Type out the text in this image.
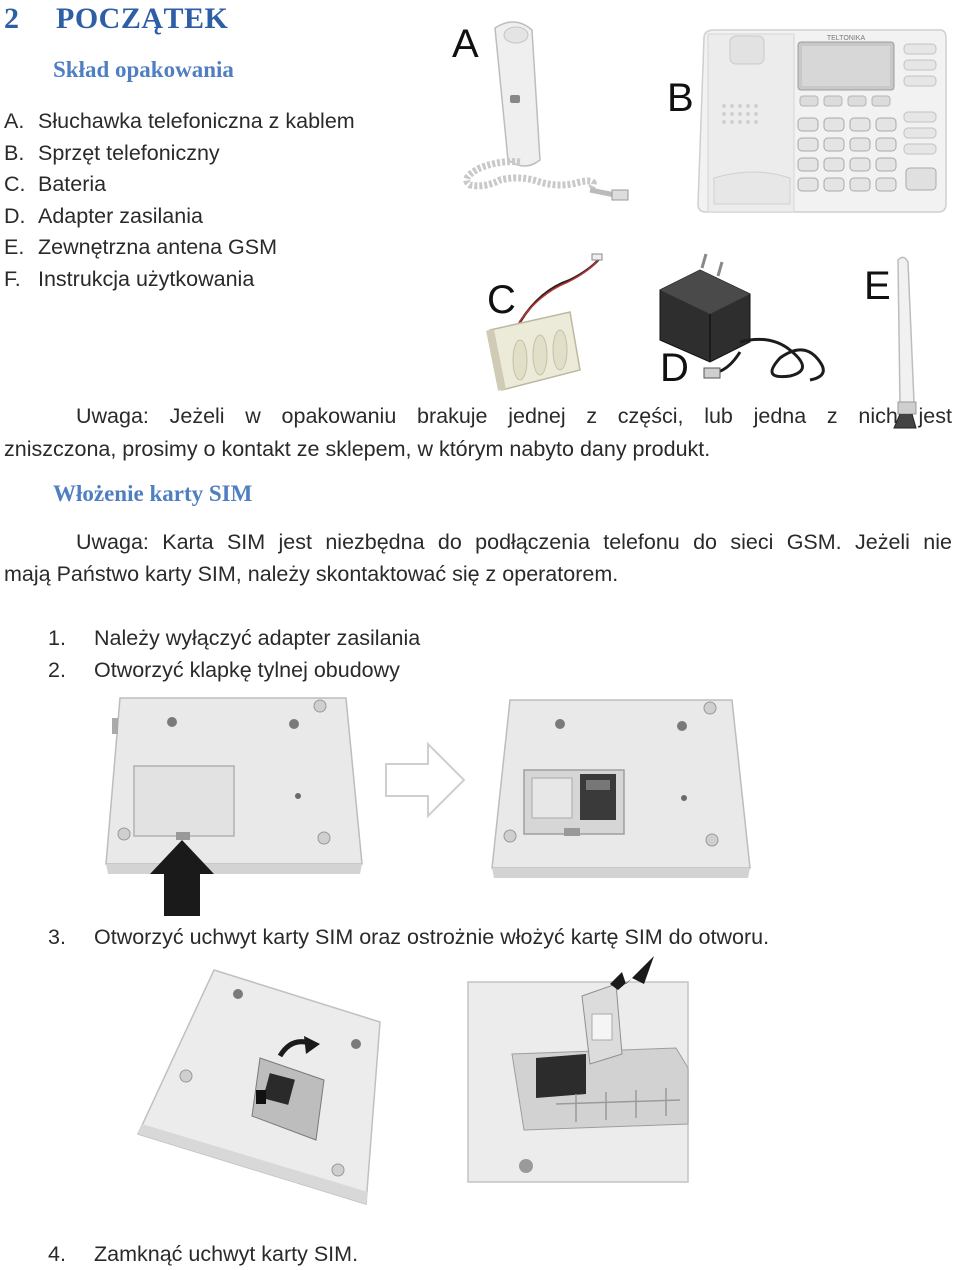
2 POCZĄTEK
Skład opakowania
A. Słuchawka telefoniczna z kablem
B. Sprzęt telefoniczny
C. Bateria
D. Adapter zasilania
E. Zewnętrzna antena GSM
F. Instrukcja użytkowania
A
B
TELTONIKA
C
D
E
Uwaga: Jeżeli w opakowaniu brakuje jednej z części, lub jedna z nich jest
zniszczona, prosimy o kontakt ze sklepem, w którym nabyto dany produkt.
Włożenie karty SIM
Uwaga: Karta SIM jest niezbędna do podłączenia telefonu do sieci GSM. Jeżeli nie
mają Państwo karty SIM, należy skontaktować się z operatorem.
1. Należy wyłączyć adapter zasilania
2. Otworzyć klapkę tylnej obudowy
3. Otworzyć uchwyt karty SIM oraz ostrożnie włożyć kartę SIM do otworu.
4. Zamknąć uchwyt karty SIM.
